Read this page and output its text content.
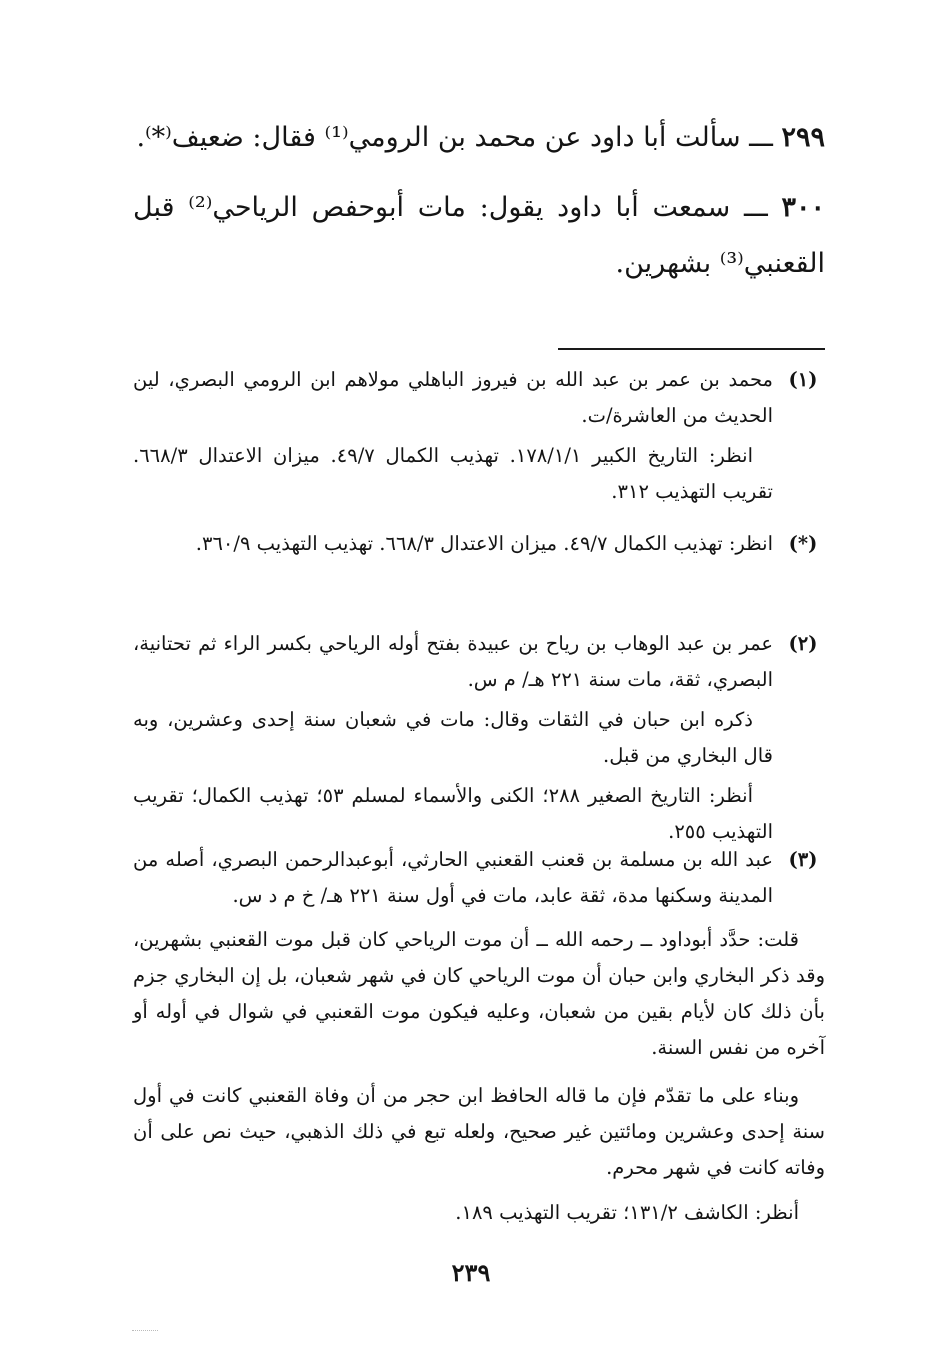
٢٩٩ ـــ سألت أبا داود عن محمد بن الرومي⁽¹⁾ فقال: ضعيف⁽*⁾.
٣٠٠ ـــ سمعت أبا داود يقول: مات أبوحفص الرياحي⁽²⁾ قبل القعنبي⁽³⁾ بشهرين.
(١)

محمد بن عمر بن عبد الله بن فيروز الباهلي مولاهم ابن الرومي البصري، لين الحديث من العاشرة/ت.

انظر: التاريخ الكبير ١٧٨/١/١. تهذيب الكمال ٤٩/٧. ميزان الاعتدال ٦٦٨/٣. تقريب التهذيب ٣١٢.

(*)

انظر: تهذيب الكمال ٤٩/٧. ميزان الاعتدال ٦٦٨/٣. تهذيب التهذيب ٣٦٠/٩.

(٢)

عمر بن عبد الوهاب بن رياح بن عبيدة بفتح أوله الرياحي بكسر الراء ثم تحتانية، البصري، ثقة، مات سنة ٢٢١ هـ/ م س.

ذكره ابن حبان في الثقات وقال: مات في شعبان سنة إحدى وعشرين، وبه قال البخاري من قبل.

أنظر: التاريخ الصغير ٢٨٨؛ الكنى والأسماء لمسلم ٥٣؛ تهذيب الكمال؛ تقريب التهذيب ٢٥٥.

(٣)

عبد الله بن مسلمة بن قعنب القعنبي الحارثي، أبوعبدالرحمن البصري، أصله من المدينة وسكنها مدة، ثقة عابد، مات في أول سنة ٢٢١ هـ/ خ م د س.

قلت: حدَّد أبوداود ــ رحمه الله ــ أن موت الرياحي كان قبل موت القعنبي بشهرين، وقد ذكر البخاري وابن حبان أن موت الرياحي كان في شهر شعبان، بل إن البخاري جزم بأن ذلك كان لأيام بقين من شعبان، وعليه فيكون موت القعنبي في شوال في أوله أو آخره من نفس السنة.

وبناء على ما تقدّم فإن ما قاله الحافظ ابن حجر من أن وفاة القعنبي كانت في أول سنة إحدى وعشرين ومائتين غير صحيح، ولعله تبع في ذلك الذهبي، حيث نص على أن وفاته كانت في شهر محرم.

أنظر: الكاشف ١٣١/٢؛ تقريب التهذيب ١٨٩.

٢٣٩
